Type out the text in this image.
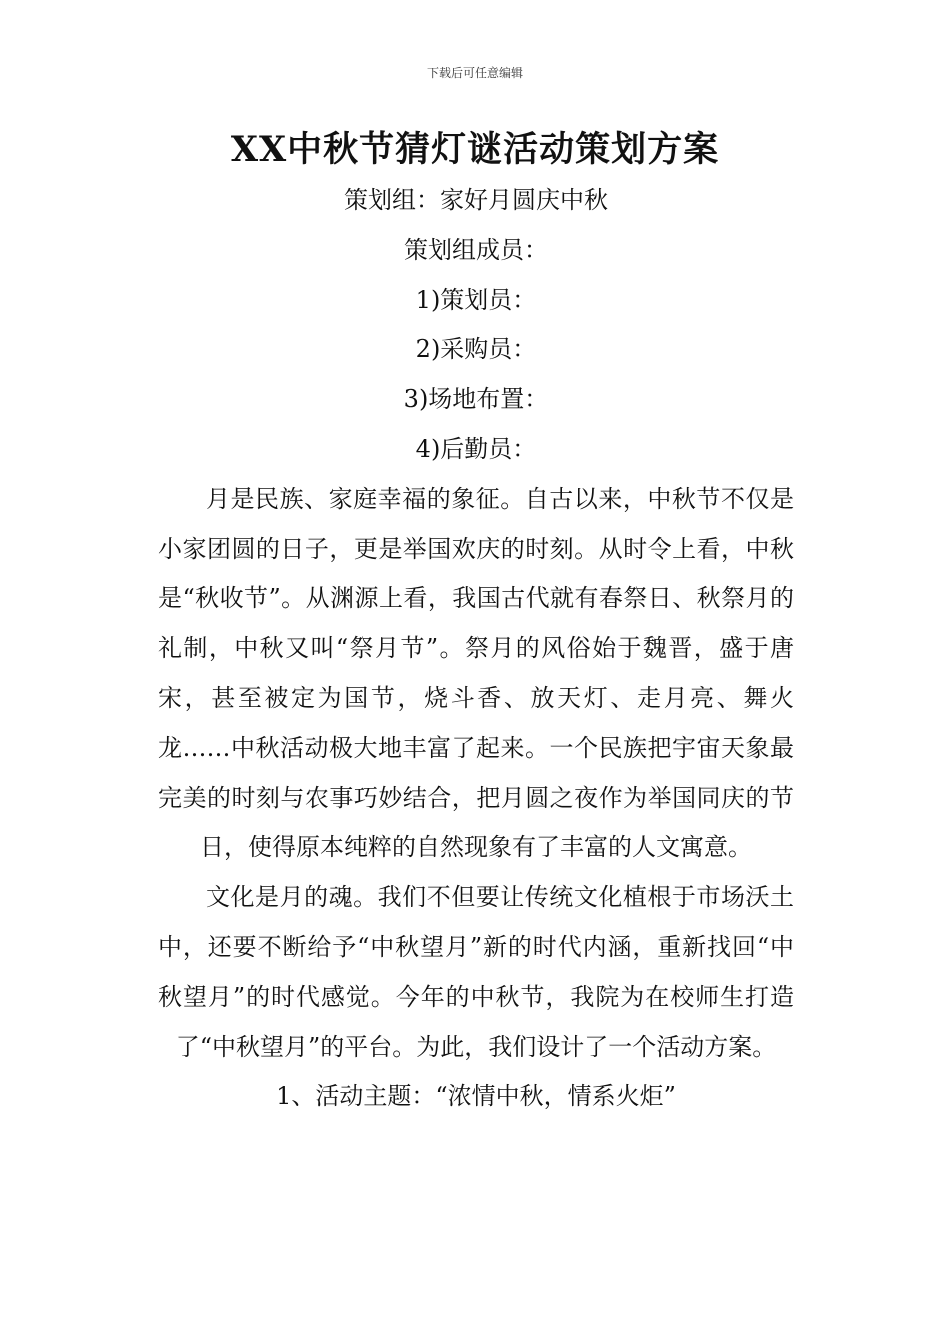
下载后可任意编辑
XX中秋节猜灯谜活动策划方案

策划组：家好月圆庆中秋

策划组成员：

1)策划员：

2)采购员：

3)场地布置：

4)后勤员：

月是民族、家庭幸福的象征。自古以来，中秋节不仅是小家团圆的日子，更是举国欢庆的时刻。从时令上看，中秋是“秋收节”。从渊源上看，我国古代就有春祭日、秋祭月的礼制，中秋又叫“祭月节”。祭月的风俗始于魏晋，盛于唐宋，甚至被定为国节，烧斗香、放天灯、走月亮、舞火龙……中秋活动极大地丰富了起来。一个民族把宇宙天象最完美的时刻与农事巧妙结合，把月圆之夜作为举国同庆的节日，使得原本纯粹的自然现象有了丰富的人文寓意。

文化是月的魂。我们不但要让传统文化植根于市场沃土中，还要不断给予“中秋望月”新的时代内涵，重新找回“中秋望月”的时代感觉。今年的中秋节，我院为在校师生打造了“中秋望月”的平台。为此，我们设计了一个活动方案。

1、活动主题：“浓情中秋，情系火炬”
